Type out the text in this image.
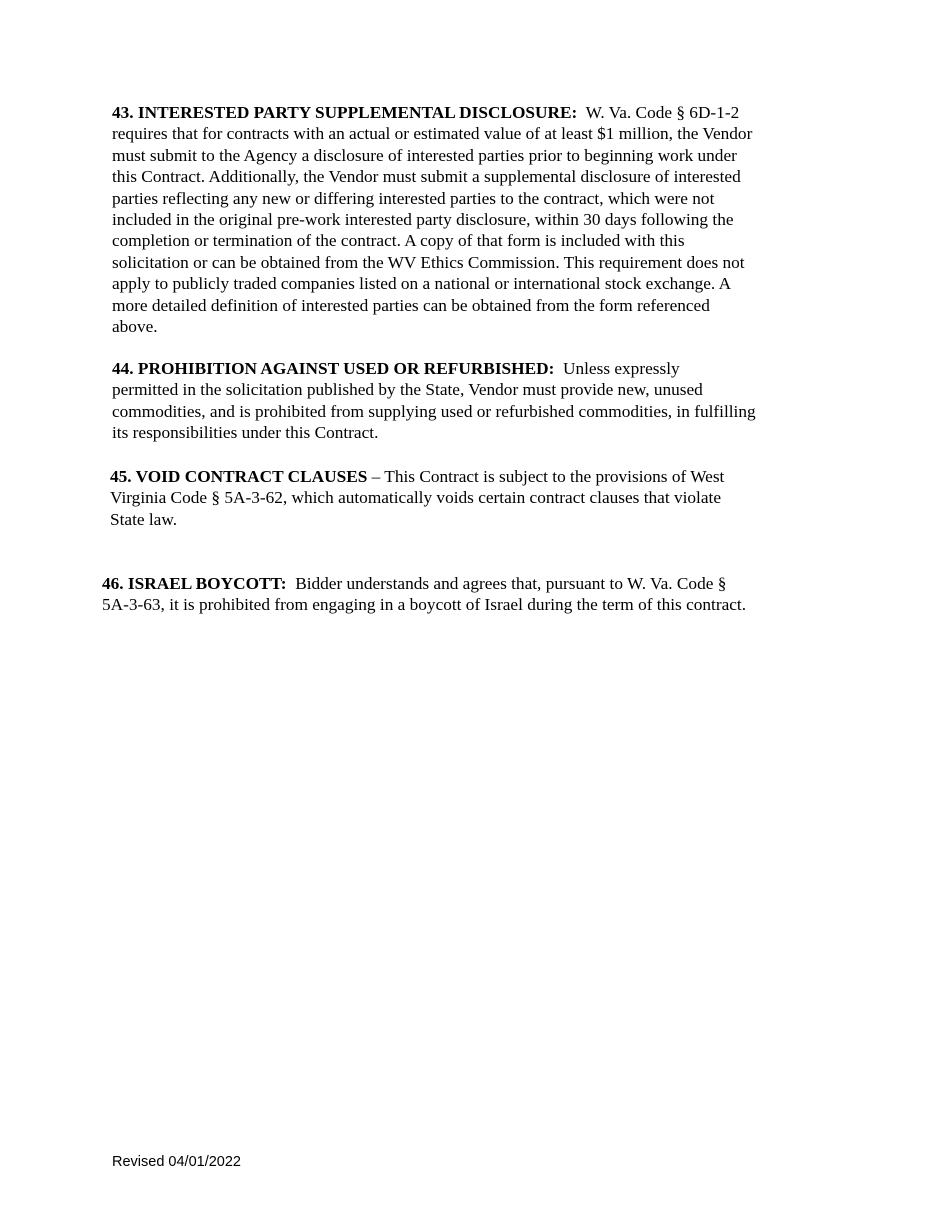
43. INTERESTED PARTY SUPPLEMENTAL DISCLOSURE: W. Va. Code § 6D-1-2
requires that for contracts with an actual or estimated value of at least $1 million, the Vendor
must submit to the Agency a disclosure of interested parties prior to beginning work under
this Contract. Additionally, the Vendor must submit a supplemental disclosure of interested
parties reflecting any new or differing interested parties to the contract, which were not
included in the original pre-work interested party disclosure, within 30 days following the
completion or termination of the contract. A copy of that form is included with this
solicitation or can be obtained from the WV Ethics Commission. This requirement does not
apply to publicly traded companies listed on a national or international stock exchange. A
more detailed definition of interested parties can be obtained from the form referenced
above.
44. PROHIBITION AGAINST USED OR REFURBISHED: Unless expressly
permitted in the solicitation published by the State, Vendor must provide new, unused
commodities, and is prohibited from supplying used or refurbished commodities, in fulfilling
its responsibilities under this Contract.
45. VOID CONTRACT CLAUSES – This Contract is subject to the provisions of West
Virginia Code § 5A-3-62, which automatically voids certain contract clauses that violate
State law.
46. ISRAEL BOYCOTT: Bidder understands and agrees that, pursuant to W. Va. Code §
5A-3-63, it is prohibited from engaging in a boycott of Israel during the term of this contract.
Revised 04/01/2022
